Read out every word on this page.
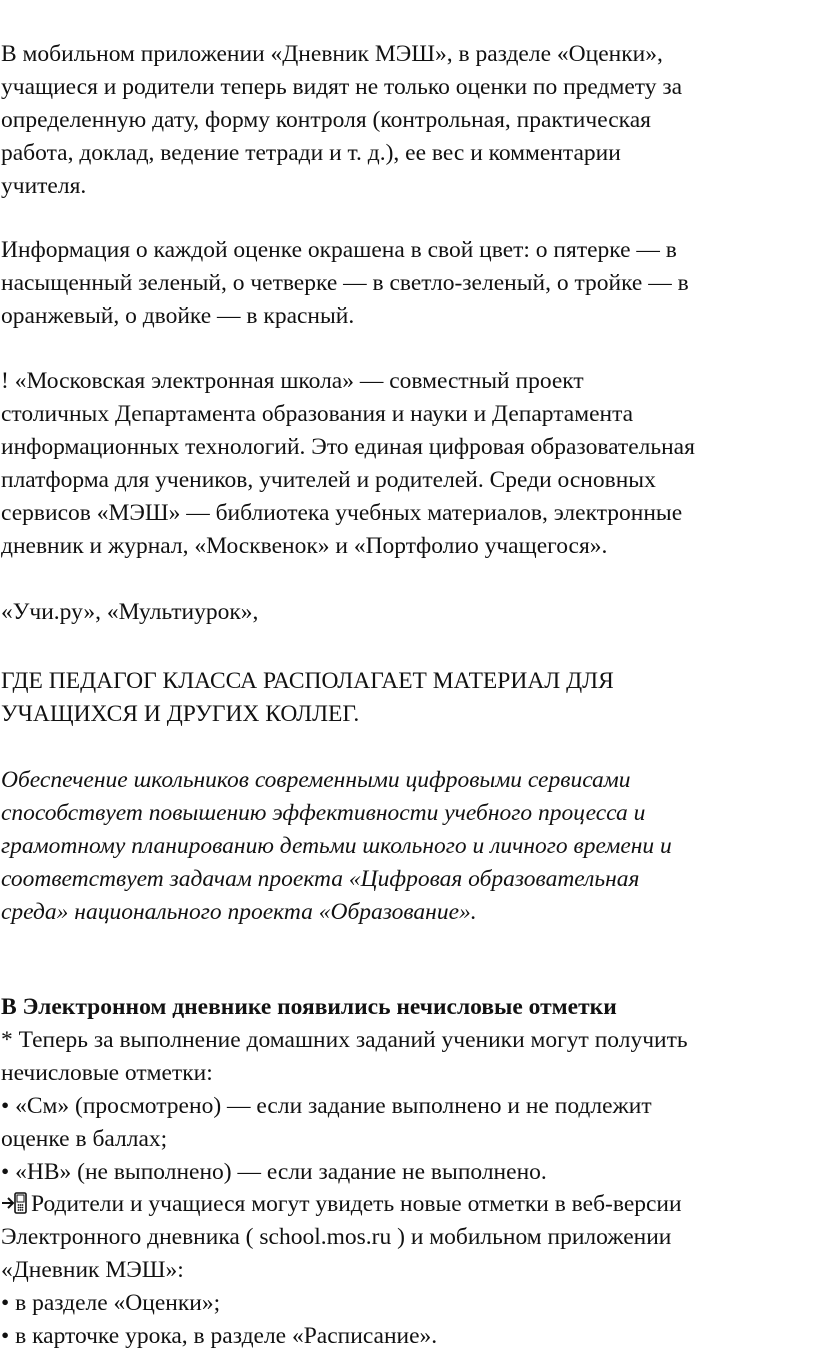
В мобильном приложении «Дневник МЭШ», в разделе «Оценки»,
учащиеся и родители теперь видят не только оценки по предмету за
определенную дату, форму контроля (контрольная, практическая
работа, доклад, ведение тетради и т. д.), ее вес и комментарии
учителя.
Информация о каждой оценке окрашена в свой цвет: о пятерке — в
насыщенный зеленый, о четверке — в светло-зеленый, о тройке — в
оранжевый, о двойке — в красный.
! «Московская электронная школа» — совместный проект
столичных Департамента образования и науки и Департамента
информационных технологий. Это единая цифровая образовательная
платформа для учеников, учителей и родителей. Среди основных
сервисов «МЭШ» — библиотека учебных материалов, электронные
дневник и журнал, «Москвенок» и «Портфолио учащегося».
«Учи.ру», «Мультиурок»,
ГДЕ ПЕДАГОГ КЛАССА РАСПОЛАГАЕТ МАТЕРИАЛ ДЛЯ
УЧАЩИХСЯ И ДРУГИХ КОЛЛЕГ.
Обеспечение школьников современными цифровыми сервисами
способствует повышению эффективности учебного процесса и
грамотному планированию детьми школьного и личного времени и
соответствует задачам проекта «Цифровая образовательная
среда» национального проекта «Образование».
В Электронном дневнике появились нечисловые отметки
* Теперь за выполнение домашних заданий ученики могут получить
нечисловые отметки:
• «См» (просмотрено) — если задание выполнено и не подлежит
оценке в баллах;
• «НВ» (не выполнено) — если задание не выполнено.
Родители и учащиеся могут увидеть новые отметки в веб-версии
Электронного дневника ( school.mos.ru ) и мобильном приложении
«Дневник МЭШ»:
• в разделе «Оценки»;
• в карточке урока, в разделе «Расписание».
